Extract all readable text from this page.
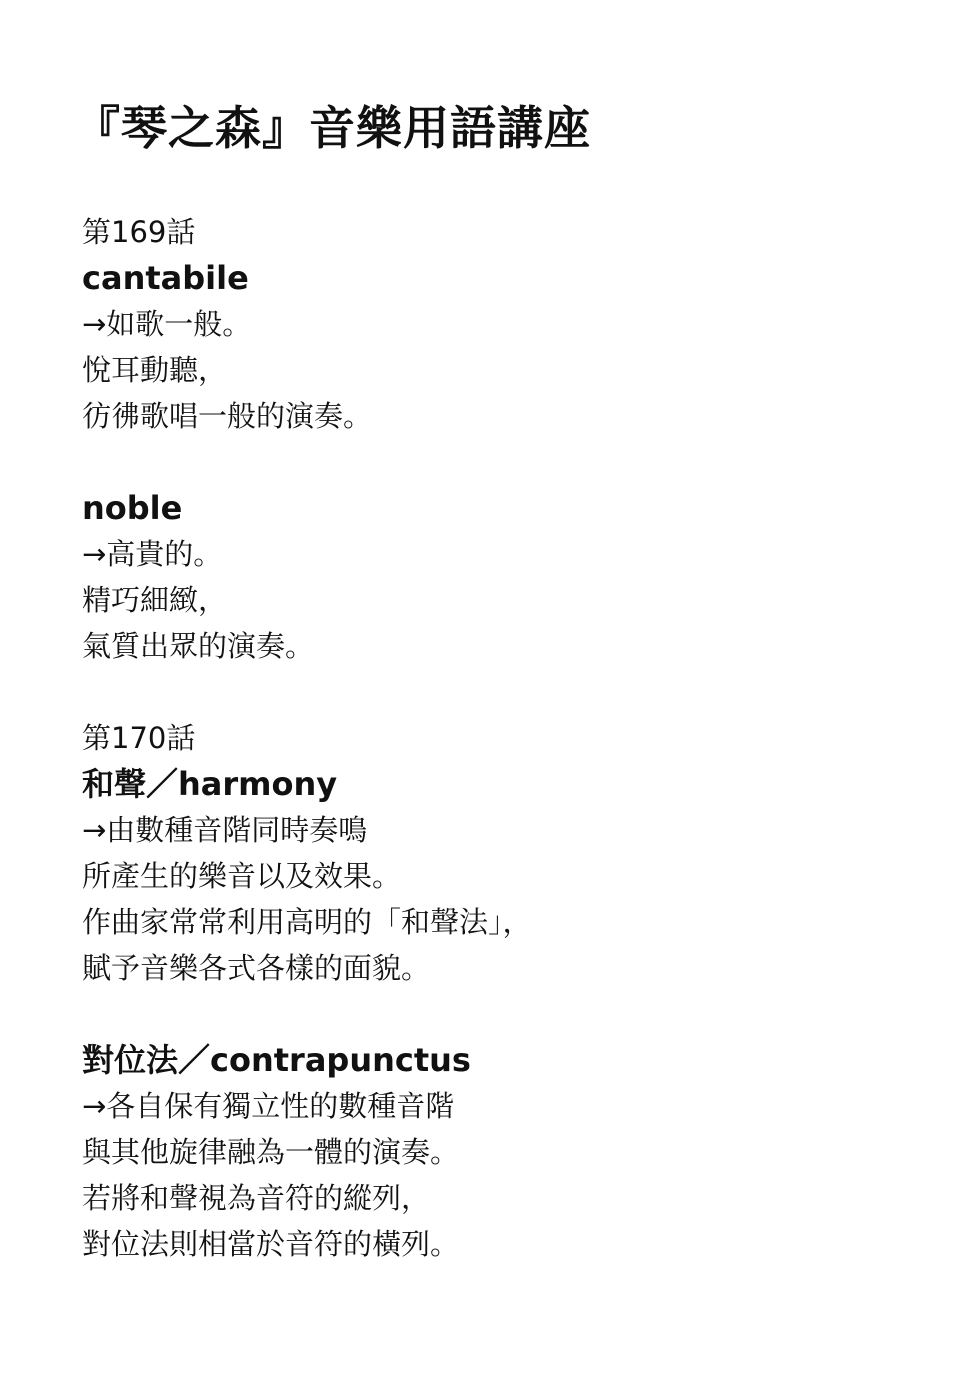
『琴之森』音樂用語講座

第169話

cantabile

→如歌一般。

悅耳動聽，

彷彿歌唱一般的演奏。

noble

→高貴的。

精巧細緻，

氣質出眾的演奏。

第170話

和聲／harmony

→由數種音階同時奏鳴

所產生的樂音以及效果。

作曲家常常利用高明的「和聲法」，

賦予音樂各式各樣的面貌。

對位法／contrapunctus

→各自保有獨立性的數種音階

與其他旋律融為一體的演奏。

若將和聲視為音符的縱列，

對位法則相當於音符的橫列。
